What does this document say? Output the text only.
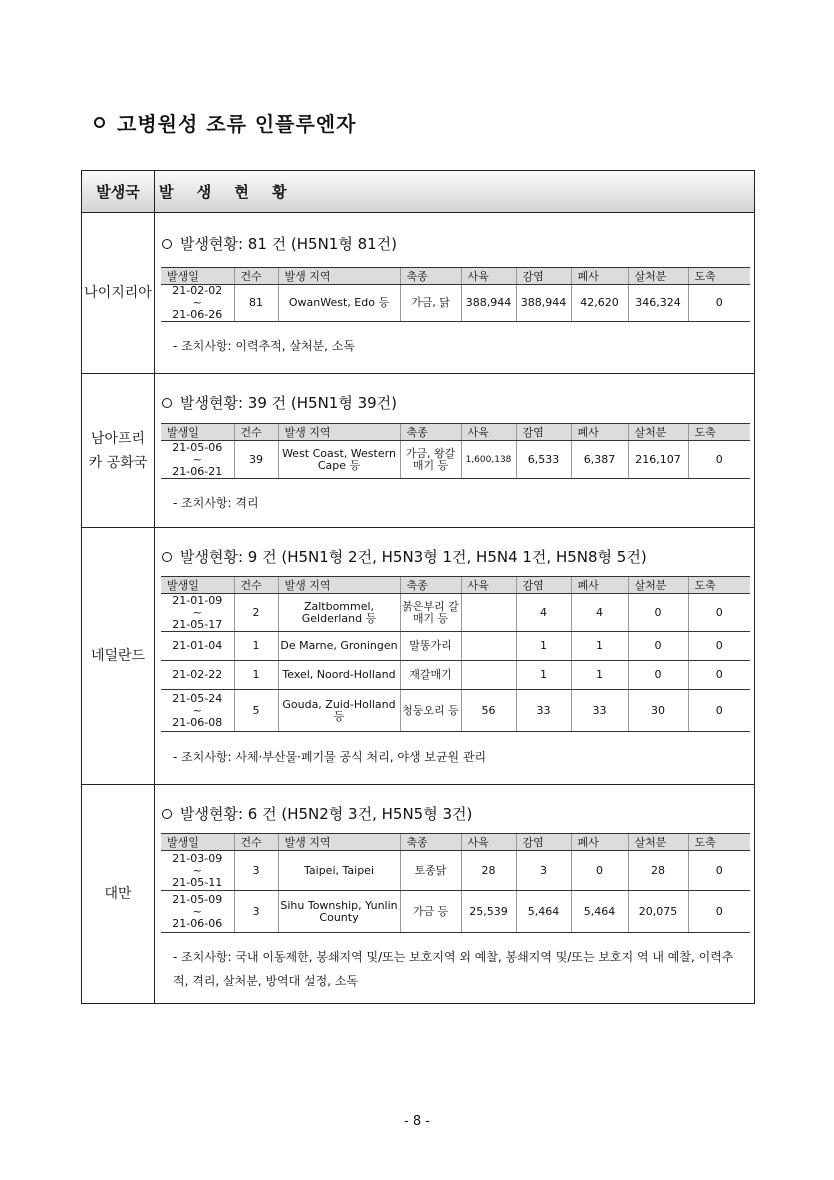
고병원성 조류 인플루엔자
발생국	발 생 현 황
나이지리아
발생현황: 81 건 (H5N1형 81건)
발생일	건수	발생 지역	축종	사육	감염	폐사	살처분	도축
21-02-02
~
21-06-26	81	OwanWest, Edo 등	가금, 닭	388,944	388,944	42,620	346,324	0
- 조치사항: 이력추적, 살처분, 소독
남아프리카 공화국
발생현황: 39 건 (H5N1형 39건)
발생일	건수	발생 지역	축종	사육	감염	폐사	살처분	도축
21-05-06
~
21-06-21	39	West Coast, Western Cape 등	가금, 왕갈매기 등	1,600,138	6,533	6,387	216,107	0
- 조치사항: 격리
네덜란드
발생현황: 9 건 (H5N1형 2건, H5N3형 1건, H5N4 1건, H5N8형 5건)
발생일	건수	발생 지역	축종	사육	감염	폐사	살처분	도축
21-01-09
~
21-05-17	2	Zaltbommel, Gelderland 등	붉은부리 갈매기 등		4	4	0	0
21-01-04	1	De Marne, Groningen	말똥가리		1	1	0	0
21-02-22	1	Texel, Noord-Holland	재갈매기		1	1	0	0
21-05-24
~
21-06-08	5	Gouda, Zuid-Holland 등	청둥오리 등	56	33	33	30	0
- 조치사항: 사체·부산물·폐기물 공식 처리, 야생 보균원 관리
대만
발생현황: 6 건 (H5N2형 3건, H5N5형 3건)
발생일	건수	발생 지역	축종	사육	감염	폐사	살처분	도축
21-03-09
~
21-05-11	3	Taipei, Taipei	토종닭	28	3	0	28	0
21-05-09
~
21-06-06	3	Sihu Township, Yunlin County	가금 등	25,539	5,464	5,464	20,075	0
- 조치사항: 국내 이동제한, 봉쇄지역 및/또는 보호지역 외 예찰, 봉쇄지역 및/또는 보호지 역 내 예찰, 이력추적, 격리, 살처분, 방역대 설정, 소독
- 8 -
